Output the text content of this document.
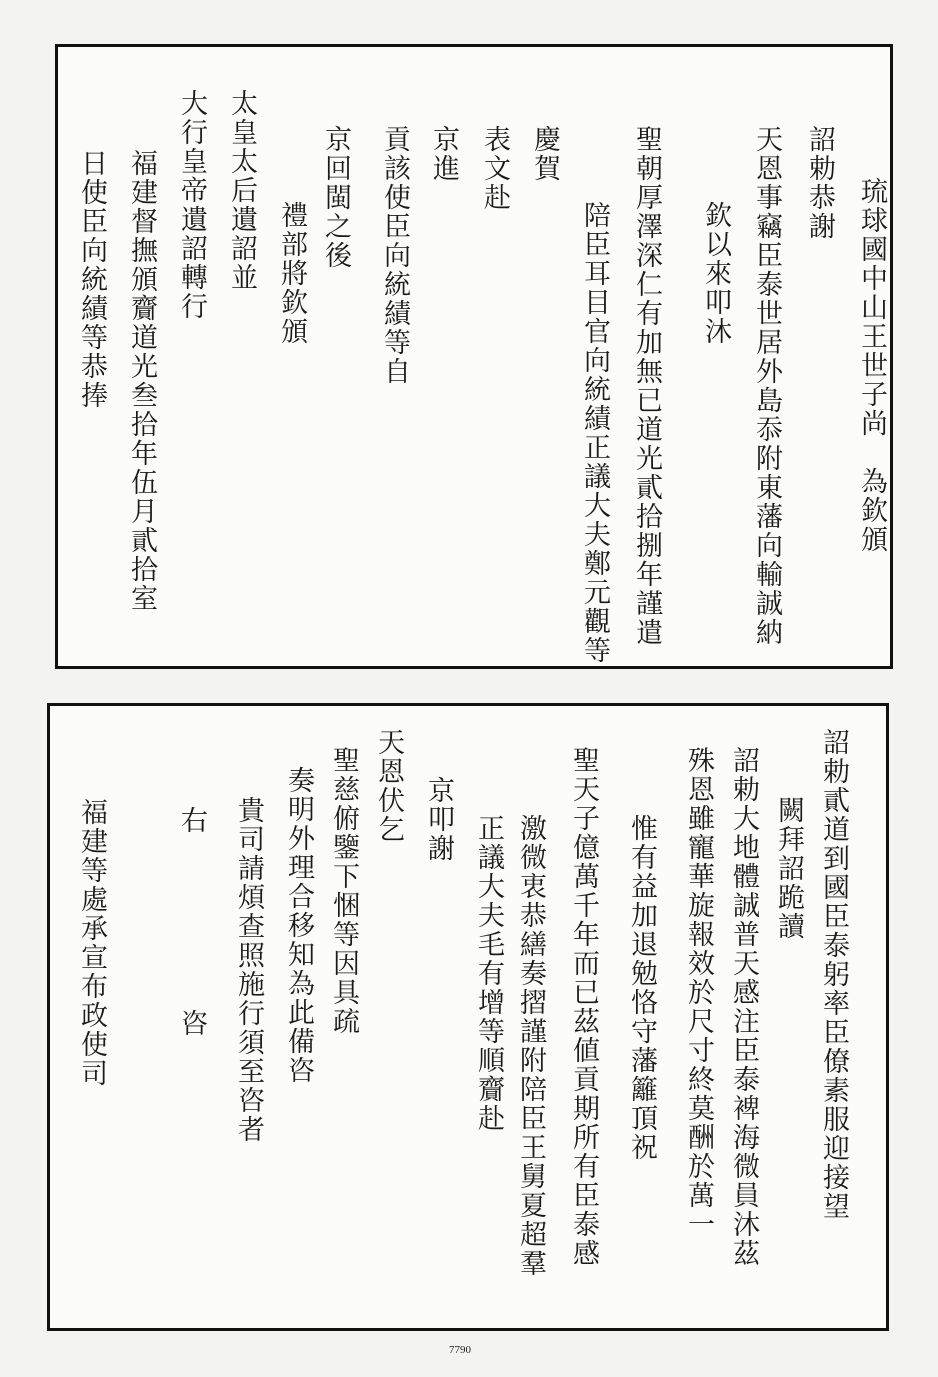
琉球國中山王世子尚　為欽頒
詔勅恭謝
天恩事竊臣泰世居外島忝附東藩向輸誠納
欽以來叩沐
聖朝厚澤深仁有加無已道光貳拾捌年謹遣
陪臣耳目官向統績正議大夫鄭元觀等
慶賀
表文赴
京進
貢該使臣向統績等自
京回閩之後
禮部將欽頒
太皇太后遺詔並
大行皇帝遺詔轉行
福建督撫頒齎道光叁拾年伍月貳拾室
日使臣向統績等恭捧
詔勅貳道到國臣泰躬率臣僚素服迎接望
闕拜詔跪讀
詔勅大地體誠普天感注臣泰裨海微員沐茲
殊恩雖寵華旋報效於尺寸終莫酬於萬一
惟有益加退勉恪守藩籬頂祝
聖天子億萬千年而已茲値貢期所有臣泰感
激微衷恭繕奏摺謹附陪臣王舅夏超羣
正議大夫毛有增等順齎赴
京叩謝
天恩伏乞
聖慈俯鑒下悃等因具疏
奏明外理合移知為此備咨
貴司請煩查照施行須至咨者
右　　　　　　咨
福建等處承宣布政使司
7790
